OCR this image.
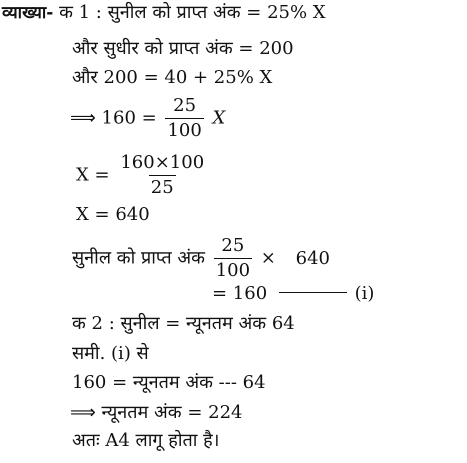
व्याख्या- क 1 : सुनील को प्राप्त अंक = 25% X
और सुधीर को प्राप्त अंक = 200
और 200 = 40 + 25% X
⟹ $160 = \frac{25}{100}$ X
$X = \frac{160\times 100}{25}$
X = 640
सुनील को प्राप्त अंक $\frac{25}{100} \times 640$
= 160	(i)
क 2 : सुनील = न्यूनतम अंक 64
समी. (i) से
160 = न्यूनतम अंक --- 64
⟹ न्यूनतम अंक = 224
अतः A4 लागू होता है।
